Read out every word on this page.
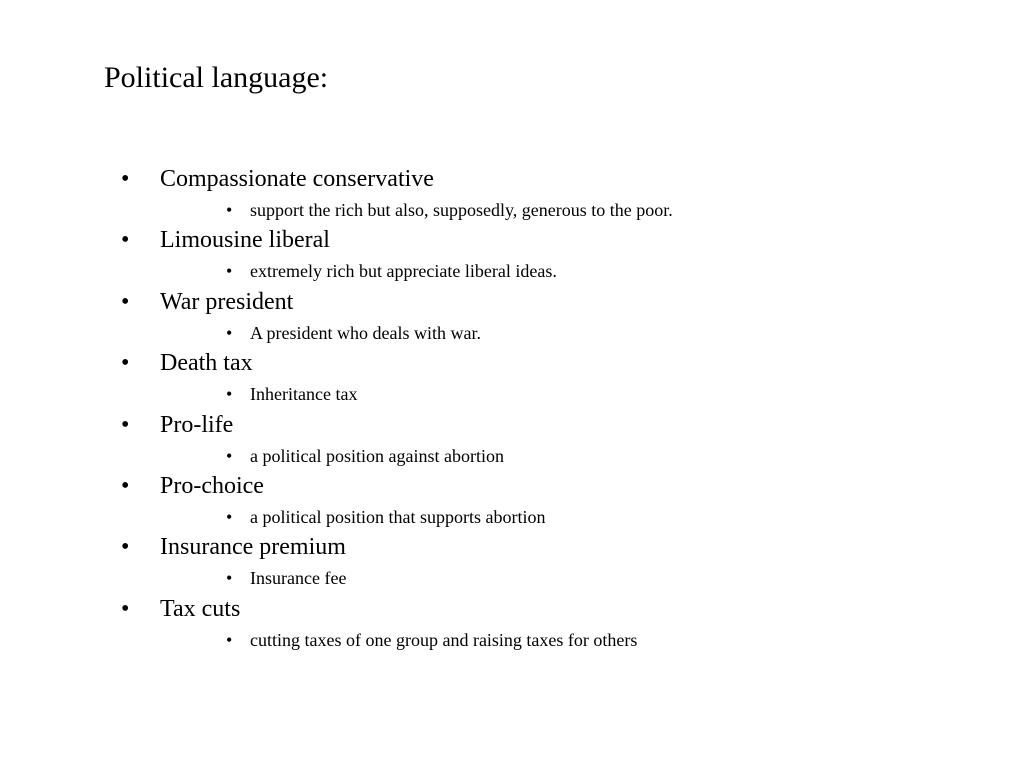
Political language:
• Compassionate conservative
• support the rich but also, supposedly, generous to the poor.
• Limousine liberal
• extremely rich but appreciate liberal ideas.
• War president
• A president who deals with war.
• Death tax
• Inheritance tax
• Pro-life
• a political position against abortion
• Pro-choice
• a political position that supports abortion
• Insurance premium
• Insurance fee
• Tax cuts
• cutting taxes of one group and raising taxes for others
